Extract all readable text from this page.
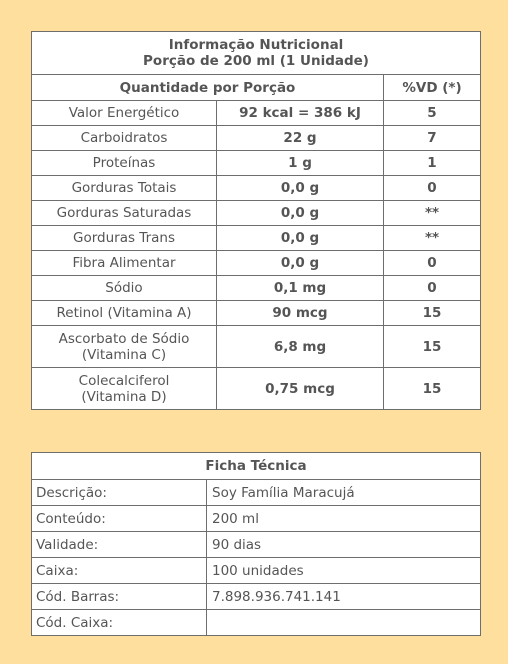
Informação Nutricional
Porção de 200 ml (1 Unidade)		
Quantidade por Porção		%VD (*)
Valor Energético	92 kcal = 386 kJ	5
Carboidratos	22 g	7
Proteínas	1 g	1
Gorduras Totais	0,0 g	0
Gorduras Saturadas	0,0 g	**
Gorduras Trans	0,0 g	**
Fibra Alimentar	0,0 g	0
Sódio	0,1 mg	0
Retinol (Vitamina A)	90 mcg	15
Ascorbato de Sódio
(Vitamina C)	6,8 mg	15
Colecalciferol
(Vitamina D)	0,75 mcg	15
Ficha Técnica	
Descrição:	Soy Família Maracujá
Conteúdo:	200 ml
Validade:	90 dias
Caixa:	100 unidades
Cód. Barras:	7.898.936.741.141
Cód. Caixa:	
